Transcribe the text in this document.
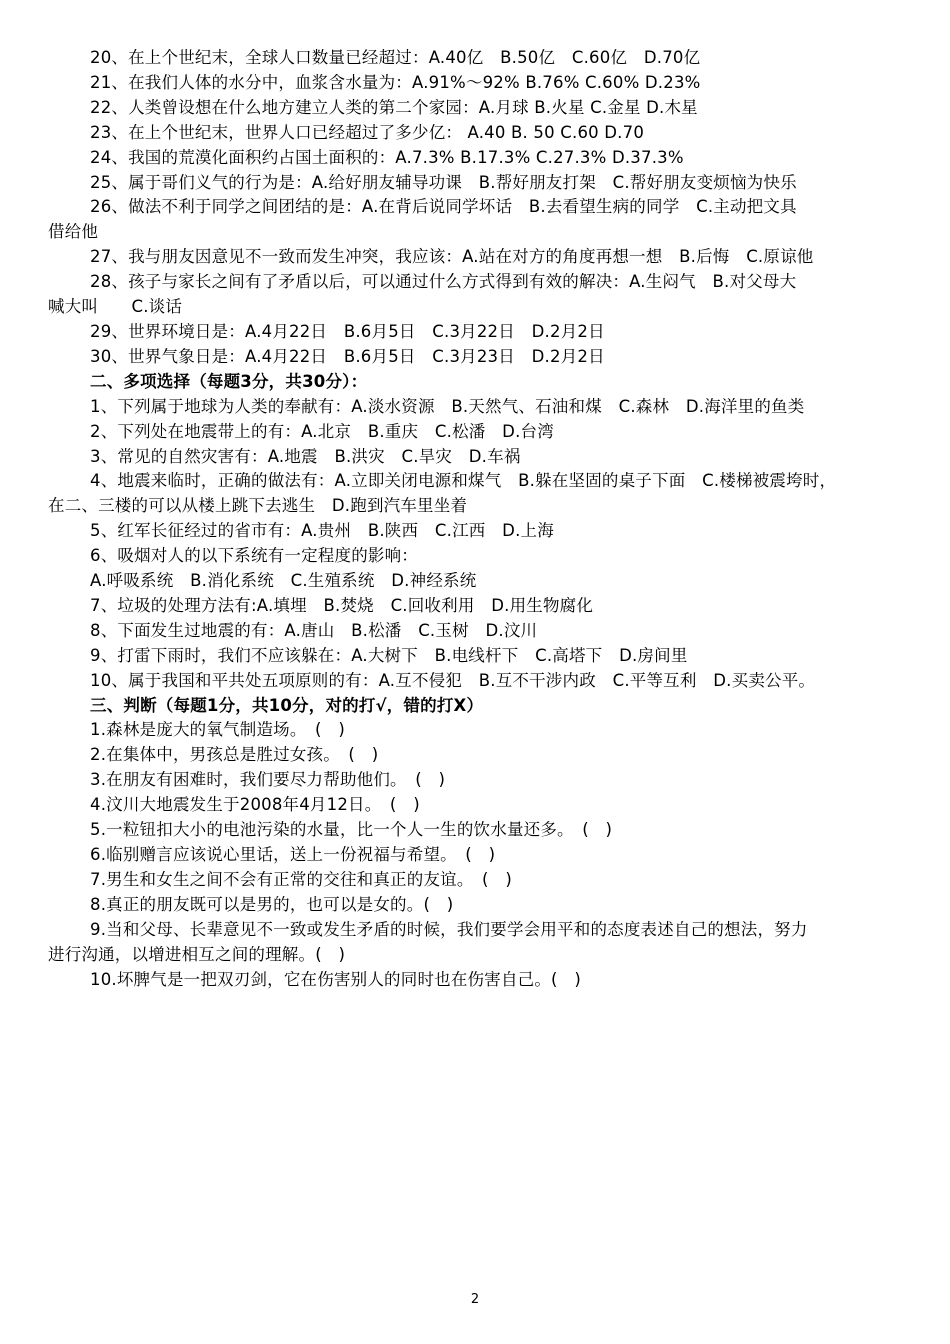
20、在上个世纪末，全球人口数量已经超过：A.40亿　B.50亿　C.60亿　D.70亿
21、在我们人体的水分中，血浆含水量为：A.91%～92% B.76% C.60% D.23%
22、人类曾设想在什么地方建立人类的第二个家园：A.月球 B.火星 C.金星 D.木星
23、在上个世纪末，世界人口已经超过了多少亿： A.40 B. 50 C.60 D.70
24、我国的荒漠化面积约占国土面积的：A.7.3% B.17.3% C.27.3% D.37.3%
25、属于哥们义气的行为是：A.给好朋友辅导功课　B.帮好朋友打架　C.帮好朋友变烦恼为快乐
26、做法不利于同学之间团结的是：A.在背后说同学坏话　B.去看望生病的同学　C.主动把文具
借给他
27、我与朋友因意见不一致而发生冲突，我应该：A.站在对方的角度再想一想　B.后悔　C.原谅他
28、孩子与家长之间有了矛盾以后，可以通过什么方式得到有效的解决：A.生闷气　B.对父母大
喊大叫　　C.谈话
29、世界环境日是：A.4月22日　B.6月5日　C.3月22日　D.2月2日
30、世界气象日是：A.4月22日　B.6月5日　C.3月23日　D.2月2日
二、多项选择（每题3分，共30分）：
1、下列属于地球为人类的奉献有：A.淡水资源　B.天然气、石油和煤　C.森林　D.海洋里的鱼类
2、下列处在地震带上的有：A.北京　B.重庆　C.松潘　D.台湾
3、常见的自然灾害有：A.地震　B.洪灾　C.旱灾　D.车祸
4、地震来临时，正确的做法有：A.立即关闭电源和煤气　B.躲在坚固的桌子下面　C.楼梯被震垮时，
在二、三楼的可以从楼上跳下去逃生　D.跑到汽车里坐着
5、红军长征经过的省市有：A.贵州　B.陕西　C.江西　D.上海
6、吸烟对人的以下系统有一定程度的影响：
A.呼吸系统　B.消化系统　C.生殖系统　D.神经系统
7、垃圾的处理方法有:A.填埋　B.焚烧　C.回收利用　D.用生物腐化
8、下面发生过地震的有：A.唐山　B.松潘　C.玉树　D.汶川
9、打雷下雨时，我们不应该躲在：A.大树下　B.电线杆下　C.高塔下　D.房间里
10、属于我国和平共处五项原则的有：A.互不侵犯　B.互不干涉内政　C.平等互利　D.买卖公平。
三、判断（每题1分，共10分，对的打√，错的打X）
1.森林是庞大的氧气制造场。　(　)
2.在集体中，男孩总是胜过女孩。　(　)
3.在朋友有困难时，我们要尽力帮助他们。　(　)
4.汶川大地震发生于2008年4月12日。　(　)
5.一粒钮扣大小的电池污染的水量，比一个人一生的饮水量还多。　(　)
6.临别赠言应该说心里话，送上一份祝福与希望。　(　)
7.男生和女生之间不会有正常的交往和真正的友谊。　(　)
8.真正的朋友既可以是男的，也可以是女的。(　)
9.当和父母、长辈意见不一致或发生矛盾的时候，我们要学会用平和的态度表述自己的想法，努力
进行沟通，以增进相互之间的理解。(　)
10.坏脾气是一把双刃剑，它在伤害别人的同时也在伤害自己。(　)
2
